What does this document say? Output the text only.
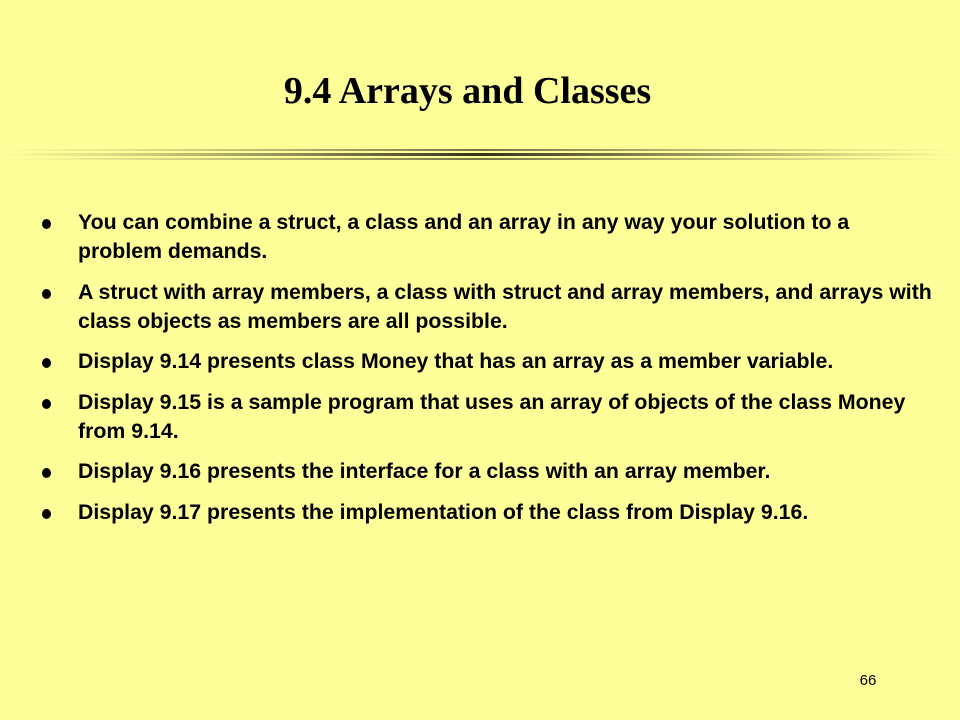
9.4 Arrays and Classes
You can combine a struct, a class and an array in any way your solution to a problem demands.
A struct with array members, a class with struct and array members, and arrays with class objects as members are all possible.
Display 9.14 presents class Money that has an array as a member variable.
Display 9.15 is a sample program that uses an array of objects of the class Money from 9.14.
Display 9.16 presents the interface for a class with an array member.
Display 9.17 presents the implementation of the class from Display 9.16.
66
